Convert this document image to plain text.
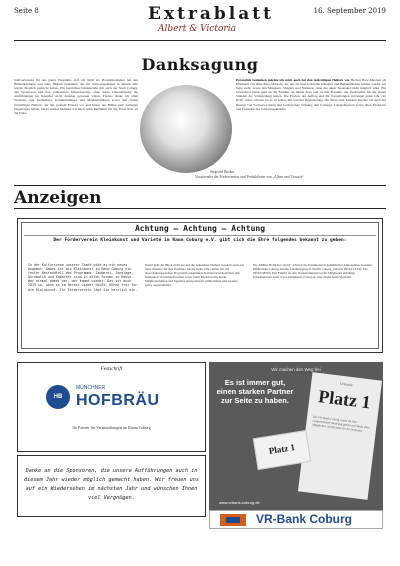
Seite 8	Extrablatt
Albert & Victoria
16. September 2019
Danksagung
Stellvertretend für das ganze Ensemble darf ich mich als Produktionsleiter bei den Bühnenbildnern und allen Helfern bedanken, die das Schlossspektakel in diesem Jahr wieder möglich gemacht haben. Ein herzliches Dankeschön gilt auch der Stadt Coburg, den Sponsoren und den zahlreichen Mitwirkenden, ohne deren Unterstützung die Aufführungen im Innenhof nicht denkbar gewesen wären. Ebenso danke ich allen Vereinen, den Technikern, Kostümbildnern und Maskenbildnern sowie den vielen freiwilligen Helfern, die mit großem Einsatz vor und hinter der Bühne zum Gelingen beigetragen haben. Nicht zuletzt bedanke ich mich beim Publikum für die Treue über all die Jahre.
Persönlich bedanken möchte ich mich auch bei den tatkräftigen Helfern wie Herbert Barz-Marzani als Ehemann von Rike Barz-Marzani, der uns als internationaler Künstler und Bühnenbildner immer wieder zur Seite steht, sowie den Musikern, Sängern und Statisten, ohne die unser Spektakel nicht möglich wäre. Ein besonderer Dank geht an die Familie, an meine Frau und an alle Freunde, die Verständnis für die vielen Stunden der Vorbereitung hatten. Die Proben, der Aufbau und die Vorstellungen verlangen jedes Jahr viel Kraft; umso schöner ist es zu sehen, mit welcher Begeisterung alle dabei sind. Danken möchte ich auch der Herzog von Sachsen-Coburg und Gotha'schen Stiftung, den Coburger Landestheatern sowie allen Förderern und Freunden des Schlossspektakels.
Siegfried Becker
Vorsitzender der Fördervereins und Produktleiter von „Albert und Victoria“
Anzeigen
Achtung – Achtung – Achtung
Der Förderverein Kleinkunst und Varieté im Raum Coburg e.V. gibt sich die Ehre folgendes bekannt zu geben:
In der Kulturszene unserer Stadt gibt es ein neues Angebot: Dabei ist die Kleinkunst im Raum Coburg ein fester Bestandteil des Programms. Zauberei, Jonglage, Akrobatik und Kabarett sind in allen Formen zu Hause. Wer einmal dabei war, der kommt wieder. Das ist auch 2019 so, wenn es im Herbst wieder heißt: Bühne frei für die Kleinkunst. Ihr Förderverein lädt Sie herzlich ein.
Dabei geht der Blick nicht nur auf die bekannten Namen, sondern auch auf neue Talente, die ihre Premiere feiern. Jedes Jahr stellen wir ein abwechslungsreiches Programm zusammen. Kartenvorverkauf über alle bekannten Vorverkaufsstellen sowie beim Förderverein direkt. Mitgliedschaften und Spenden sind jederzeit willkommen und werden gerne angenommen.
Im „Müller Hofbräu Coburg“ erleben Sie Kleinkunst in gemütlicher Atmosphäre. Kontakt: Müllerbräu Coburg, Kleine Johannisgasse 8, 96450 Coburg, Telefon 09561/12345, Fax 09561/98765. Der Eintritt zu den Veranstaltungen ist für Mitglieder ermäßigt. Informationen unter www.kleinkunst-coburg.de oder direkt beim Vorstand.
Festschrift
HB
MÜNCHNER
HOFBRÄU
Ihr Partner für Veranstaltungen im Raum Coburg
Danke an die Sponsoren, die unsere Aufführungen auch in diesem Jahr wieder möglich gemacht haben. Wir freuen uns auf ein Wiedersehen im nächsten Jahr und wünschen Ihnen viel Vergnügen.
Wir machen den Weg frei
Es ist immer gut, einen starken Partner zur Seite zu haben.
Urkunde
Platz 1
Die VR-Bank Coburg wurde für ihre ausgezeichnete Beratung geehrt und dankt allen Mitgliedern und Kunden für ihr Vertrauen.
Platz 1
www.vrbank-coburg.de
VR-Bank Coburg
